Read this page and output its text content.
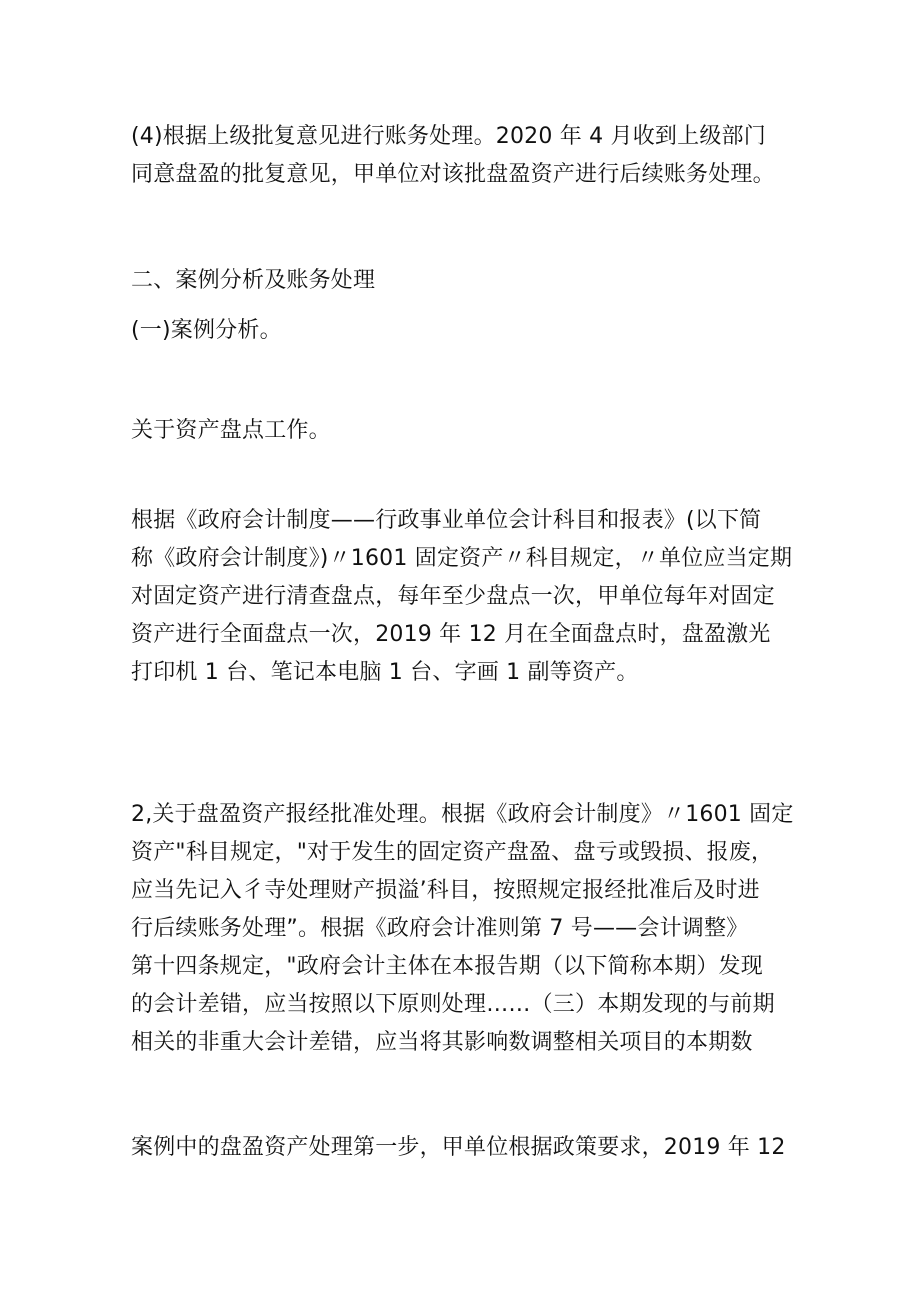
(4)根据上级批复意见进行账务处理。2020 年 4 月收到上级部门
同意盘盈的批复意见，甲单位对该批盘盈资产进行后续账务处理。
二、案例分析及账务处理
(一)案例分析。
关于资产盘点工作。
根据《政府会计制度——行政事业单位会计科目和报表》(以下简
称《政府会计制度》)〃1601 固定资产〃科目规定，〃单位应当定期
对固定资产进行清查盘点，每年至少盘点一次，甲单位每年对固定
资产进行全面盘点一次，2019 年 12 月在全面盘点时，盘盈激光
打印机 1 台、笔记本电脑 1 台、字画 1 副等资产。
2,关于盘盈资产报经批准处理。根据《政府会计制度》〃1601 固定
资产"科目规定，"对于发生的固定资产盘盈、盘亏或毁损、报废，
应当先记入彳寺处理财产损溢’科目，按照规定报经批准后及时进
行后续账务处理”。根据《政府会计准则第 7 号——会计调整》
第十四条规定，"政府会计主体在本报告期（以下简称本期）发现
的会计差错，应当按照以下原则处理……（三）本期发现的与前期
相关的非重大会计差错，应当将其影响数调整相关项目的本期数
案例中的盘盈资产处理第一步，甲单位根据政策要求，2019 年 12
